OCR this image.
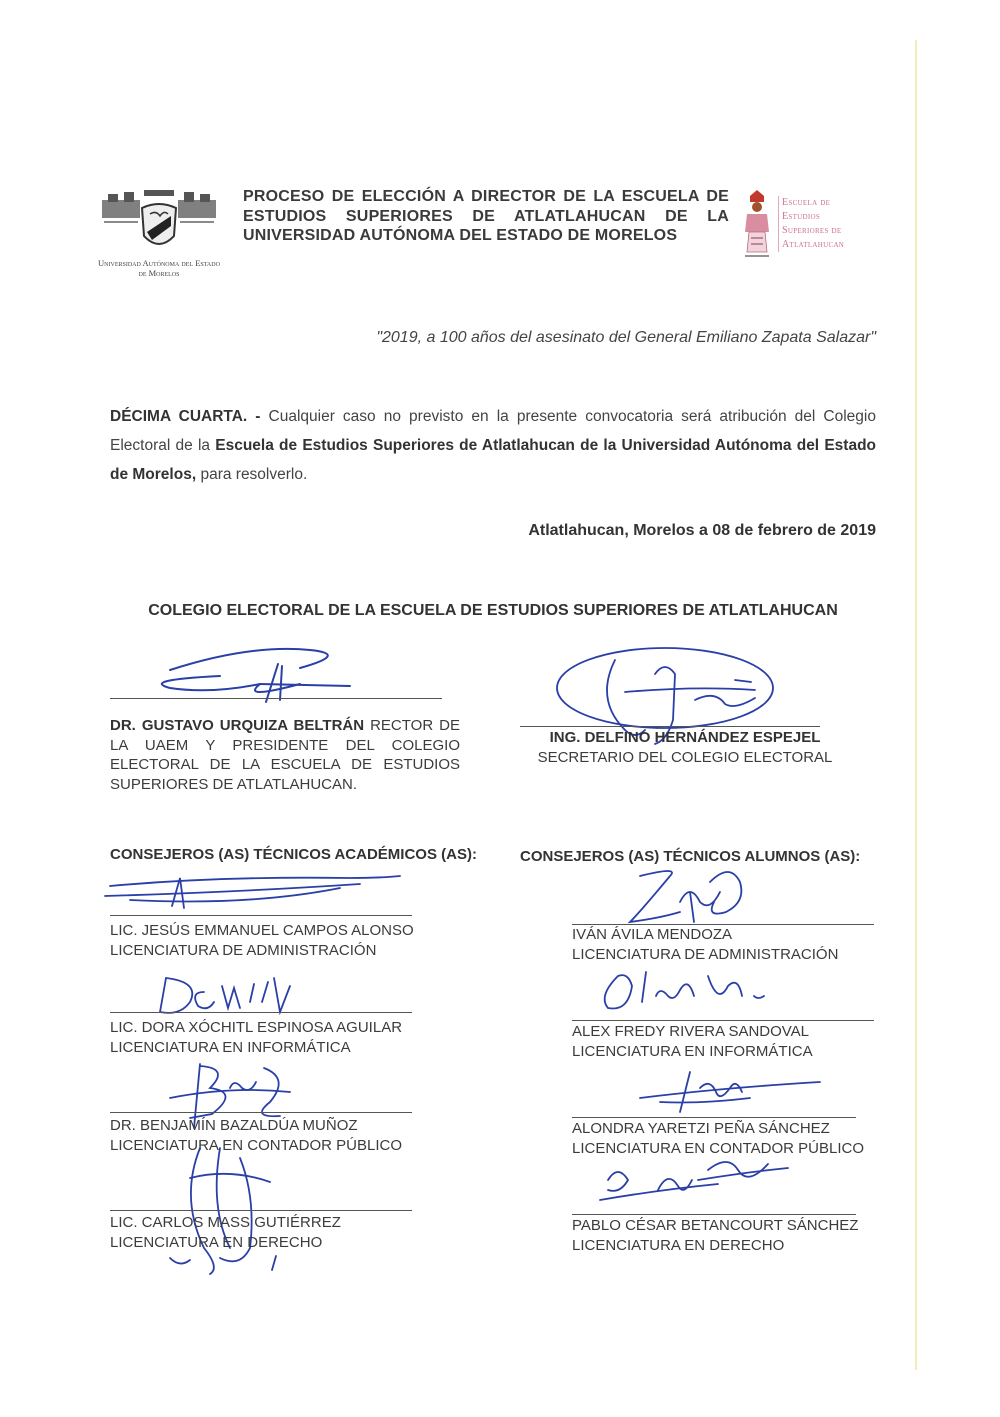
Universidad Autónoma del Estado de Morelos
PROCESO DE ELECCIÓN A DIRECTOR DE LA ESCUELA DE ESTUDIOS SUPERIORES DE ATLATLAHUCAN DE LA UNIVERSIDAD AUTÓNOMA DEL ESTADO DE MORELOS
Escuela de
Estudios
Superiores de
Atlatlahucan
"2019, a 100 años del asesinato del General Emiliano Zapata Salazar"
DÉCIMA CUARTA. - Cualquier caso no previsto en la presente convocatoria será atribución del Colegio Electoral de la Escuela de Estudios Superiores de Atlatlahucan de la Universidad Autónoma del Estado de Morelos, para resolverlo.
Atlatlahucan, Morelos a 08 de febrero de 2019
COLEGIO ELECTORAL DE LA ESCUELA DE ESTUDIOS SUPERIORES DE ATLATLAHUCAN
DR. GUSTAVO URQUIZA BELTRÁN RECTOR DE LA UAEM Y PRESIDENTE DEL COLEGIO ELECTORAL DE LA ESCUELA DE ESTUDIOS SUPERIORES DE ATLATLAHUCAN.
ING. DELFINO HERNÁNDEZ ESPEJEL
SECRETARIO DEL COLEGIO ELECTORAL
CONSEJEROS (AS) TÉCNICOS ACADÉMICOS (AS):	CONSEJEROS (AS) TÉCNICOS ALUMNOS (AS):
LIC. JESÚS EMMANUEL CAMPOS ALONSO
LICENCIATURA DE ADMINISTRACIÓN
LIC. DORA XÓCHITL ESPINOSA AGUILAR
LICENCIATURA EN INFORMÁTICA
DR. BENJAMÍN BAZALDÚA MUÑOZ
LICENCIATURA EN CONTADOR PÚBLICO
LIC. CARLOS MASS GUTIÉRREZ
LICENCIATURA EN DERECHO
IVÁN ÁVILA MENDOZA
LICENCIATURA DE ADMINISTRACIÓN
ALEX FREDY RIVERA SANDOVAL
LICENCIATURA EN INFORMÁTICA
ALONDRA YARETZI PEÑA SÁNCHEZ
LICENCIATURA EN CONTADOR PÚBLICO
PABLO CÉSAR BETANCOURT SÁNCHEZ
LICENCIATURA EN DERECHO
